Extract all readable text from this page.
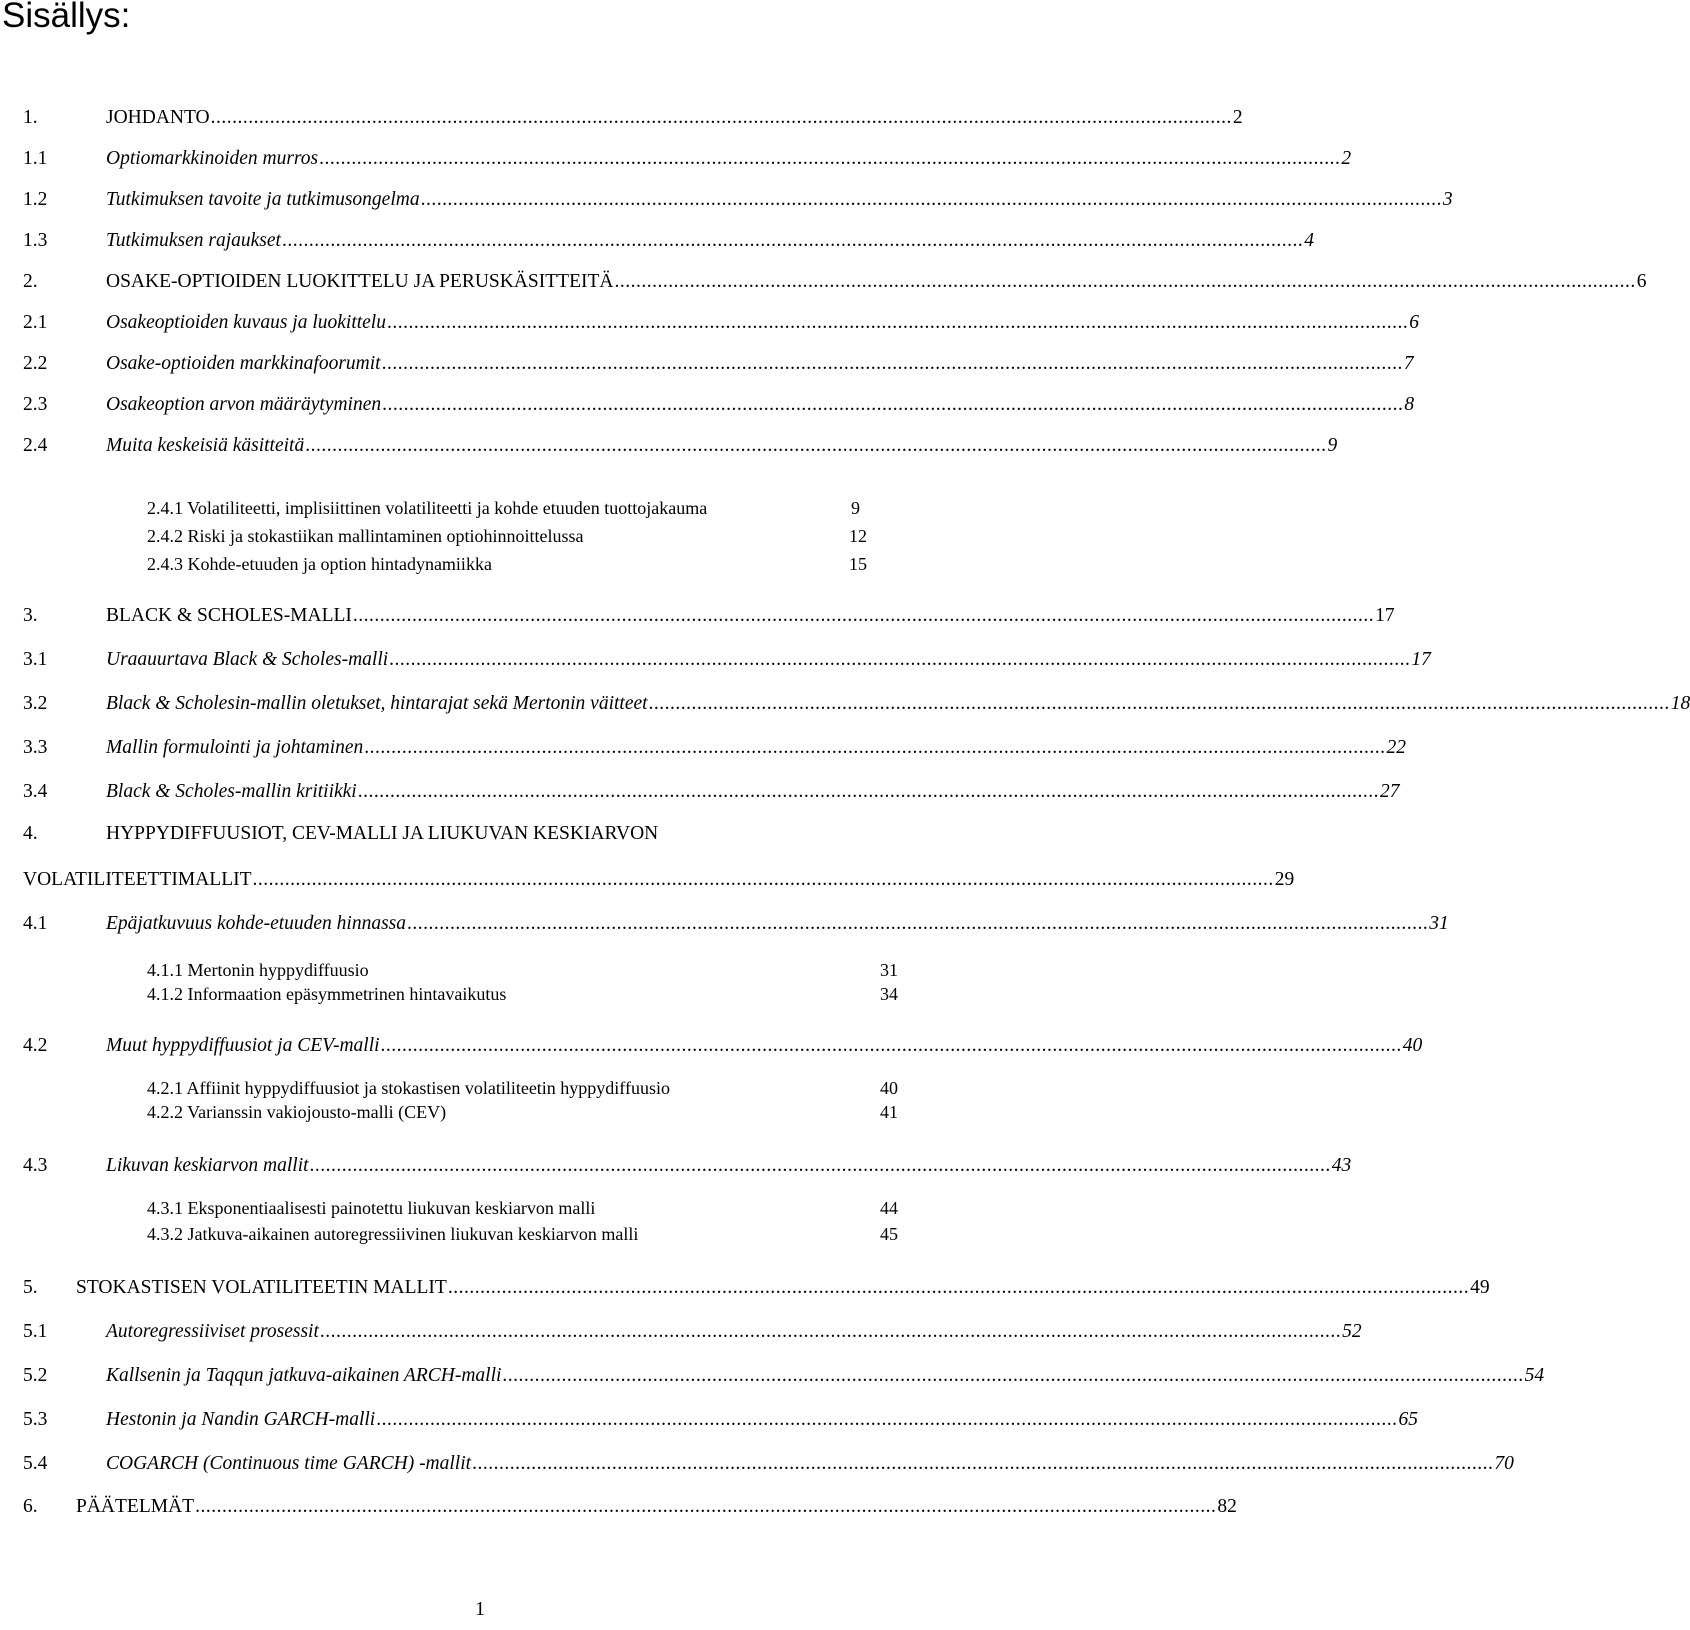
Sisällys:
1.	JOHDANTO .............................................................................................................................................................................................. 2
1.1	Optiomarkkinoiden murros .............................................................................................................................................................................................. 2
1.2	Tutkimuksen tavoite ja tutkimusongelma .............................................................................................................................................................................................. 3
1.3	Tutkimuksen rajaukset .............................................................................................................................................................................................. 4
2.	OSAKE-OPTIOIDEN LUOKITTELU JA PERUSKÄSITTEITÄ .............................................................................................................................................................................................. 6
2.1	Osakeoptioiden kuvaus ja luokittelu .............................................................................................................................................................................................. 6
2.2	Osake-optioiden markkinafoorumit .............................................................................................................................................................................................. 7
2.3	Osakeoption arvon määräytyminen .............................................................................................................................................................................................. 8
2.4	Muita keskeisiä käsitteitä .............................................................................................................................................................................................. 9
2.4.1 Volatiliteetti, implisiittinen volatiliteetti ja kohde etuuden tuottojakauma	9
2.4.2 Riski ja stokastiikan mallintaminen optiohinnoittelussa	12
2.4.3 Kohde-etuuden ja option hintadynamiikka	15
3.	BLACK & SCHOLES-MALLI .............................................................................................................................................................................................. 17
3.1	Uraauurtava Black & Scholes-malli .............................................................................................................................................................................................. 17
3.2	Black & Scholesin-mallin oletukset, hintarajat sekä Mertonin väitteet .............................................................................................................................................................................................. 18
3.3	Mallin formulointi ja johtaminen .............................................................................................................................................................................................. 22
3.4	Black & Scholes-mallin kritiikki .............................................................................................................................................................................................. 27
4.	HYPPYDIFFUUSIOT, CEV-MALLI JA LIUKUVAN KESKIARVON
VOLATILITEETTIMALLIT .............................................................................................................................................................................................. 29
4.1	Epäjatkuvuus kohde-etuuden hinnassa .............................................................................................................................................................................................. 31
4.1.1 Mertonin hyppydiffuusio	31
4.1.2 Informaation epäsymmetrinen hintavaikutus	34
4.2	Muut hyppydiffuusiot ja CEV-malli .............................................................................................................................................................................................. 40
4.2.1 Affiinit hyppydiffuusiot ja stokastisen volatiliteetin hyppydiffuusio	40
4.2.2 Varianssin vakiojousto-malli (CEV)	41
4.3	Likuvan keskiarvon mallit .............................................................................................................................................................................................. 43
4.3.1 Eksponentiaalisesti painotettu liukuvan keskiarvon malli	44
4.3.2 Jatkuva-aikainen autoregressiivinen liukuvan keskiarvon malli	45
5.	STOKASTISEN VOLATILITEETIN MALLIT .............................................................................................................................................................................................. 49
5.1	Autoregressiiviset prosessit .............................................................................................................................................................................................. 52
5.2	Kallsenin ja Taqqun jatkuva-aikainen ARCH-malli .............................................................................................................................................................................................. 54
5.3	Hestonin ja Nandin GARCH-malli .............................................................................................................................................................................................. 65
5.4	COGARCH (Continuous time GARCH) -mallit .............................................................................................................................................................................................. 70
6.	PÄÄTELMÄT .............................................................................................................................................................................................. 82
1
